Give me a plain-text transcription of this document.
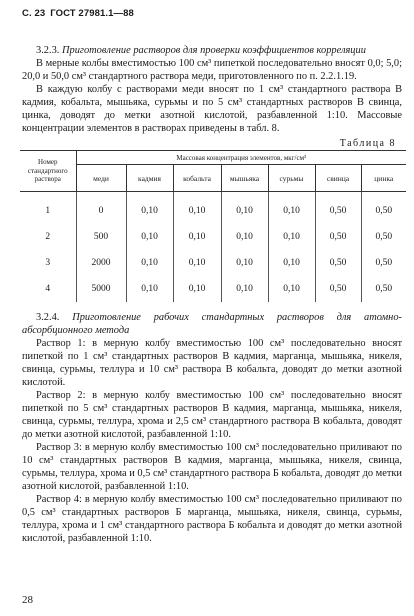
С. 23 ГОСТ 27981.1—88

3.2.3. Приготовление растворов для проверки коэффициентов корреляции

В мерные колбы вместимостью 100 см³ пипеткой последовательно вносят 0,0; 5,0; 20,0 и 50,0 см³ стандартного раствора меди, приготовленного по п. 2.2.1.19.

В каждую колбу с растворами меди вносят по 1 см³ стандартного раствора В кадмия, кобальта, мышьяка, сурьмы и по 5 см³ стандартных растворов В свинца, цинка, доводят до метки азотной кислотой, разбавленной 1:10. Массовые концентрации элементов в растворах приведены в табл. 8.

Таблица 8
Номер стандартного раствора	Массовая концентрация элементов, мкг/см³						
	меди	кадмия	кобальта	мышьяка	сурьмы	свинца	цинка
1	0	0,10	0,10	0,10	0,10	0,50	0,50
2	500	0,10	0,10	0,10	0,10	0,50	0,50
3	2000	0,10	0,10	0,10	0,10	0,50	0,50
4	5000	0,10	0,10	0,10	0,10	0,50	0,50

3.2.4. Приготовление рабочих стандартных растворов для атомно-абсорбционного метода

Раствор 1: в мерную колбу вместимостью 100 см³ последовательно вносят пипеткой по 1 см³ стандартных растворов В кадмия, марганца, мышьяка, никеля, свинца, сурьмы, теллура и 10 см³ раствора В кобальта, доводят до метки азотной кислотой.

Раствор 2: в мерную колбу вместимостью 100 см³ последовательно вносят пипеткой по 5 см³ стандартных растворов В кадмия, марганца, мышьяка, никеля, свинца, сурьмы, теллура, хрома и 2,5 см³ стандартного раствора В кобальта, доводят до метки азотной кислотой, разбавленной 1:10.

Раствор 3: в мерную колбу вместимостью 100 см³ последовательно приливают по 10 см³ стандартных растворов В кадмия, марганца, мышьяка, никеля, свинца, сурьмы, теллура, хрома и 0,5 см³ стандартного раствора Б кобальта, доводят до метки азотной кислотой, разбавленной 1:10.

Раствор 4: в мерную колбу вместимостью 100 см³ последовательно приливают по 0,5 см³ стандартных растворов Б марганца, мышьяка, никеля, свинца, сурьмы, теллура, хрома и 1 см³ стандартного раствора Б кобальта и доводят до метки азотной кислотой, разбавленной 1:10.

28
